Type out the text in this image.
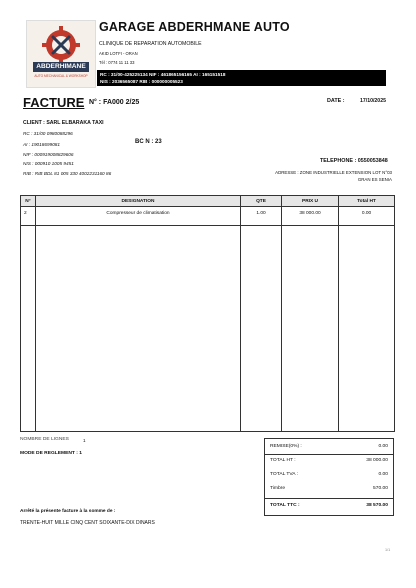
ABDERHIMANE
AUTO MECHANICAL & WORKSHOP
GARAGE ABDERHMANE AUTO
CLINIQUE DE REPARATION AUTOMOBILE
AKID LOTFI - ORAN
Tél : 0774 11 11 33
RC : 31/00-425225134 NIF : 461865156165 AI : 165151518
NIS : 2036565087 RIB : 000000005523
FACTURE N° : FA000 2/25	DATE :	17/10/2025
CLIENT : SARL ELBARAKA TAXI
RC : 31/00 0980088296
AI : 19018699081
NIF : 000919008829606
NIS : 000910 1005 9451
RIB : RIB BDL 81 005 330 4002231160 86
BC N : 23
TELEPHONE : 0550053848
ADRESSE : ZONE INDUSTRIELLE EXTENSION LOT N°03
GRAN ES SENIA
N°	DESIGNATION	QTE	PRIX U	Total HT
2	Compresseur de climatisation	1.00	38 000.00	0.00

NOMBRE DE LIGNES	1
MODE DE REGLEMENT : 1
REMISE(0%) :	0.00
TOTAL HT :	38 000.00
TOTAL TVA :	0.00
Timbre	570.00
TOTAL TTC :	38 570.00
Arrêté la présente facture à la somme de :
TRENTE-HUIT MILLE CINQ CENT SOIXANTE-DIX DINARS
1/1
